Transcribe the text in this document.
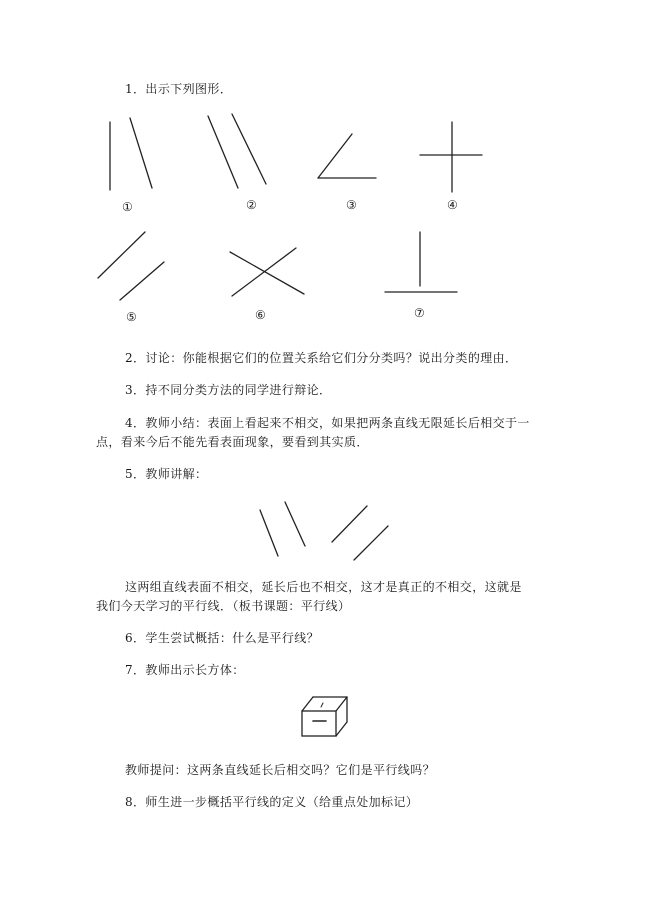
1．出示下列图形．
①	②	③	④
⑤	⑥	⑦
2．讨论：你能根据它们的位置关系给它们分分类吗？说出分类的理由．
3．持不同分类方法的同学进行辩论．
4．教师小结：表面上看起来不相交，如果把两条直线无限延长后相交于一
点，看来今后不能先看表面现象，要看到其实质．
5．教师讲解：
这两组直线表面不相交，延长后也不相交，这才是真正的不相交，这就是
我们今天学习的平行线．（板书课题：平行线）
6．学生尝试概括：什么是平行线？
7．教师出示长方体：
教师提问：这两条直线延长后相交吗？它们是平行线吗？
8．师生进一步概括平行线的定义（给重点处加标记）
